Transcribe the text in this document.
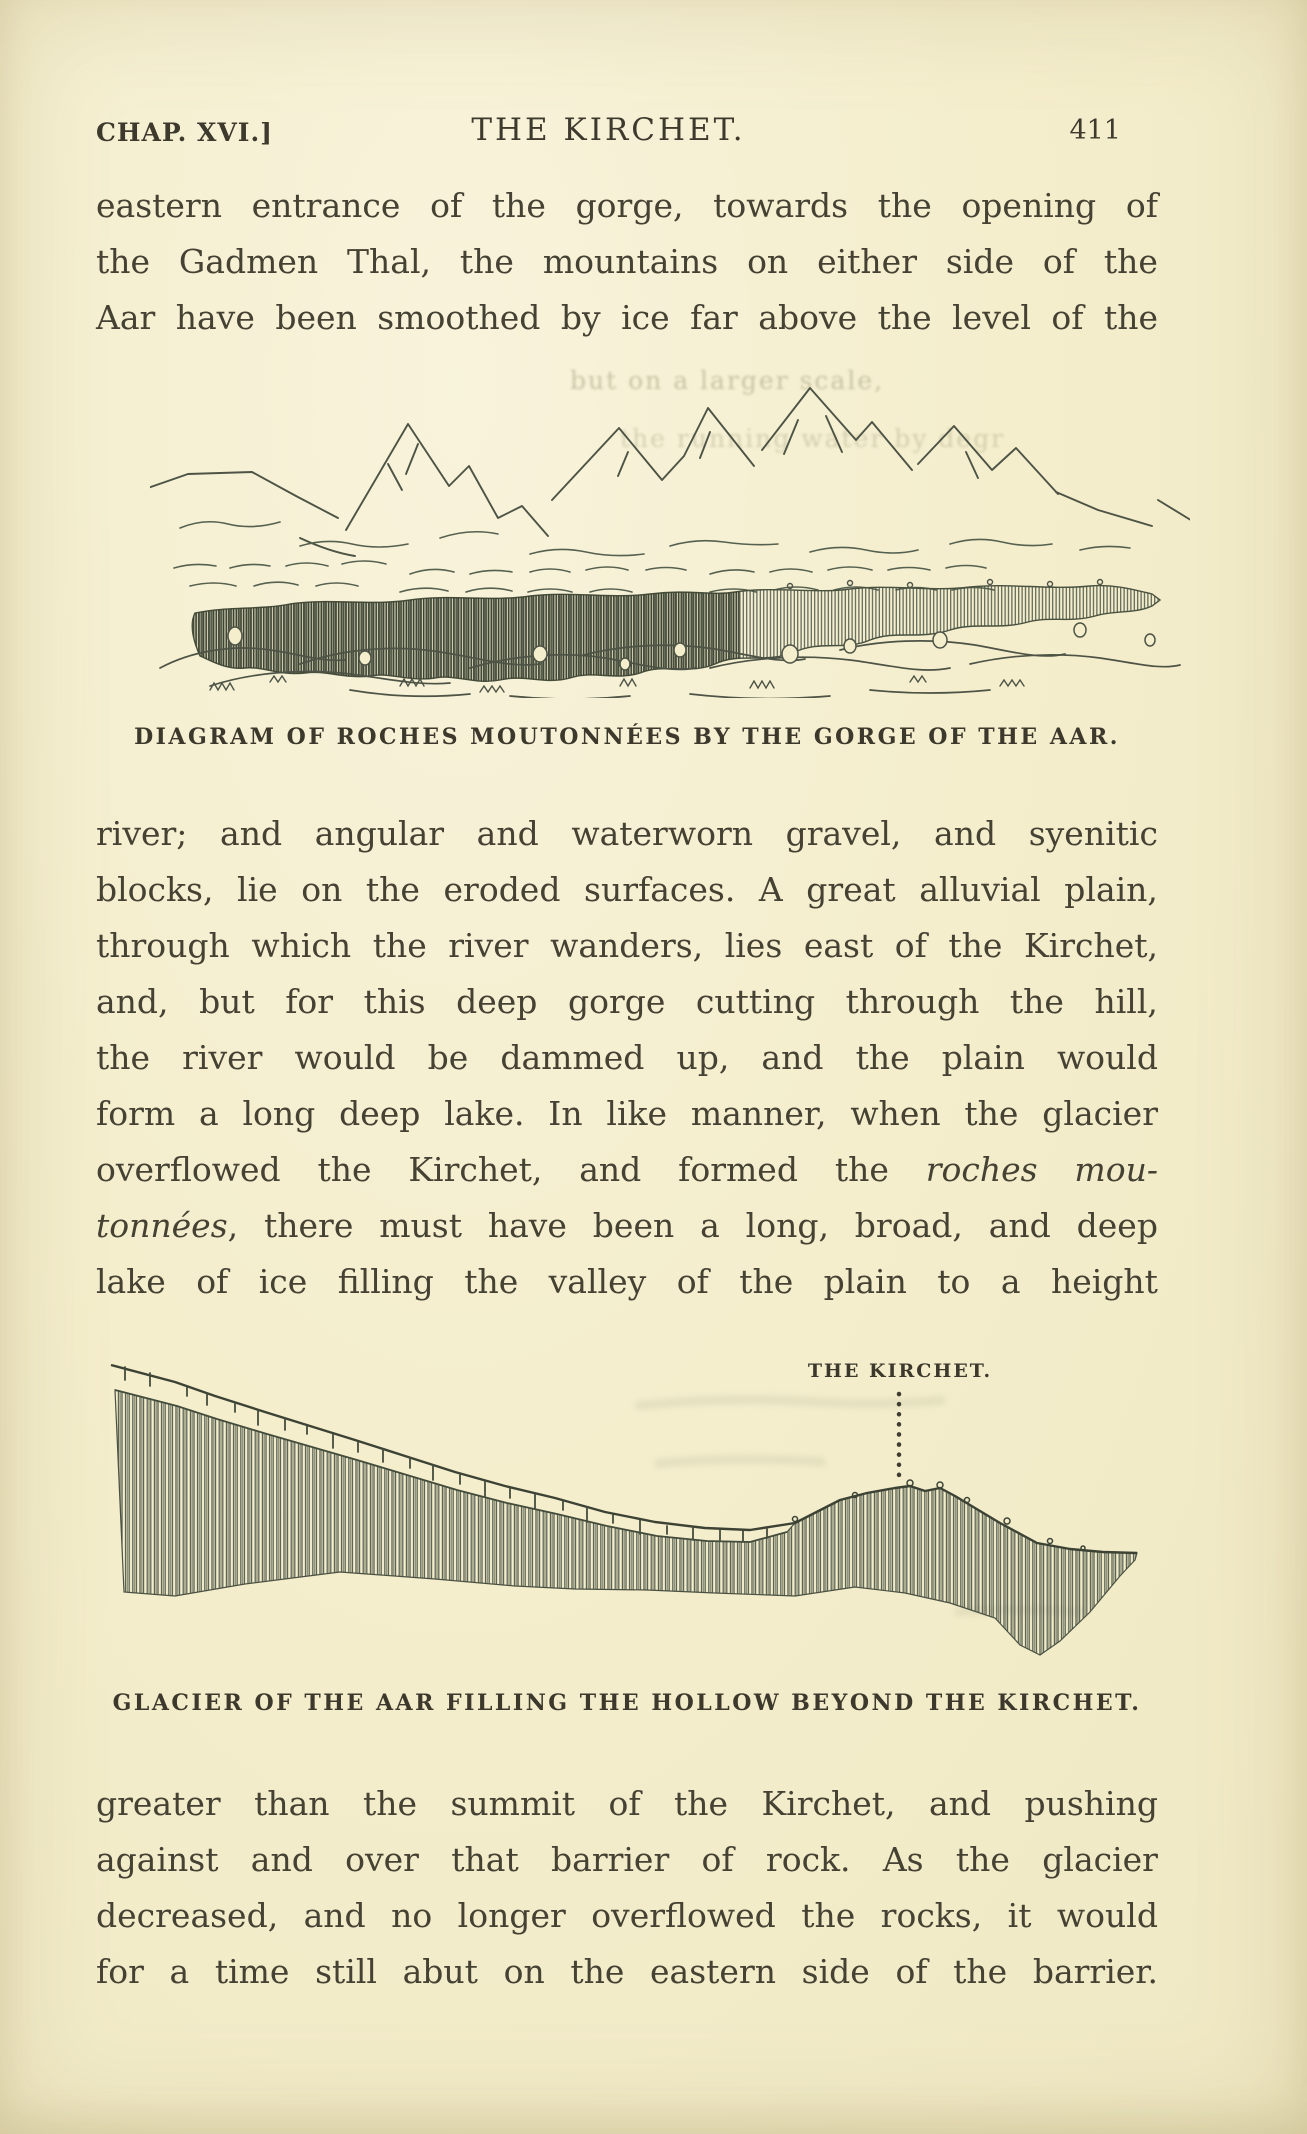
CHAP. XVI.]	THE KIRCHET.	411
eastern entrance of the gorge, towards the opening of
the Gadmen Thal, the mountains on either side of the
Aar have been smoothed by ice far above the level of the
but on a larger scale,
the running water by degr
DIAGRAM OF ROCHES MOUTONNÉES BY THE GORGE OF THE AAR.
river; and angular and waterworn gravel, and syenitic
blocks, lie on the eroded surfaces. A great alluvial plain,
through which the river wanders, lies east of the Kirchet,
and, but for this deep gorge cutting through the hill,
the river would be dammed up, and the plain would
form a long deep lake. In like manner, when the glacier
overflowed the Kirchet, and formed the roches mou-
tonnées, there must have been a long, broad, and deep
lake of ice filling the valley of the plain to a height
THE KIRCHET.
GLACIER OF THE AAR FILLING THE HOLLOW BEYOND THE KIRCHET.
greater than the summit of the Kirchet, and pushing
against and over that barrier of rock. As the glacier
decreased, and no longer overflowed the rocks, it would
for a time still abut on the eastern side of the barrier.
